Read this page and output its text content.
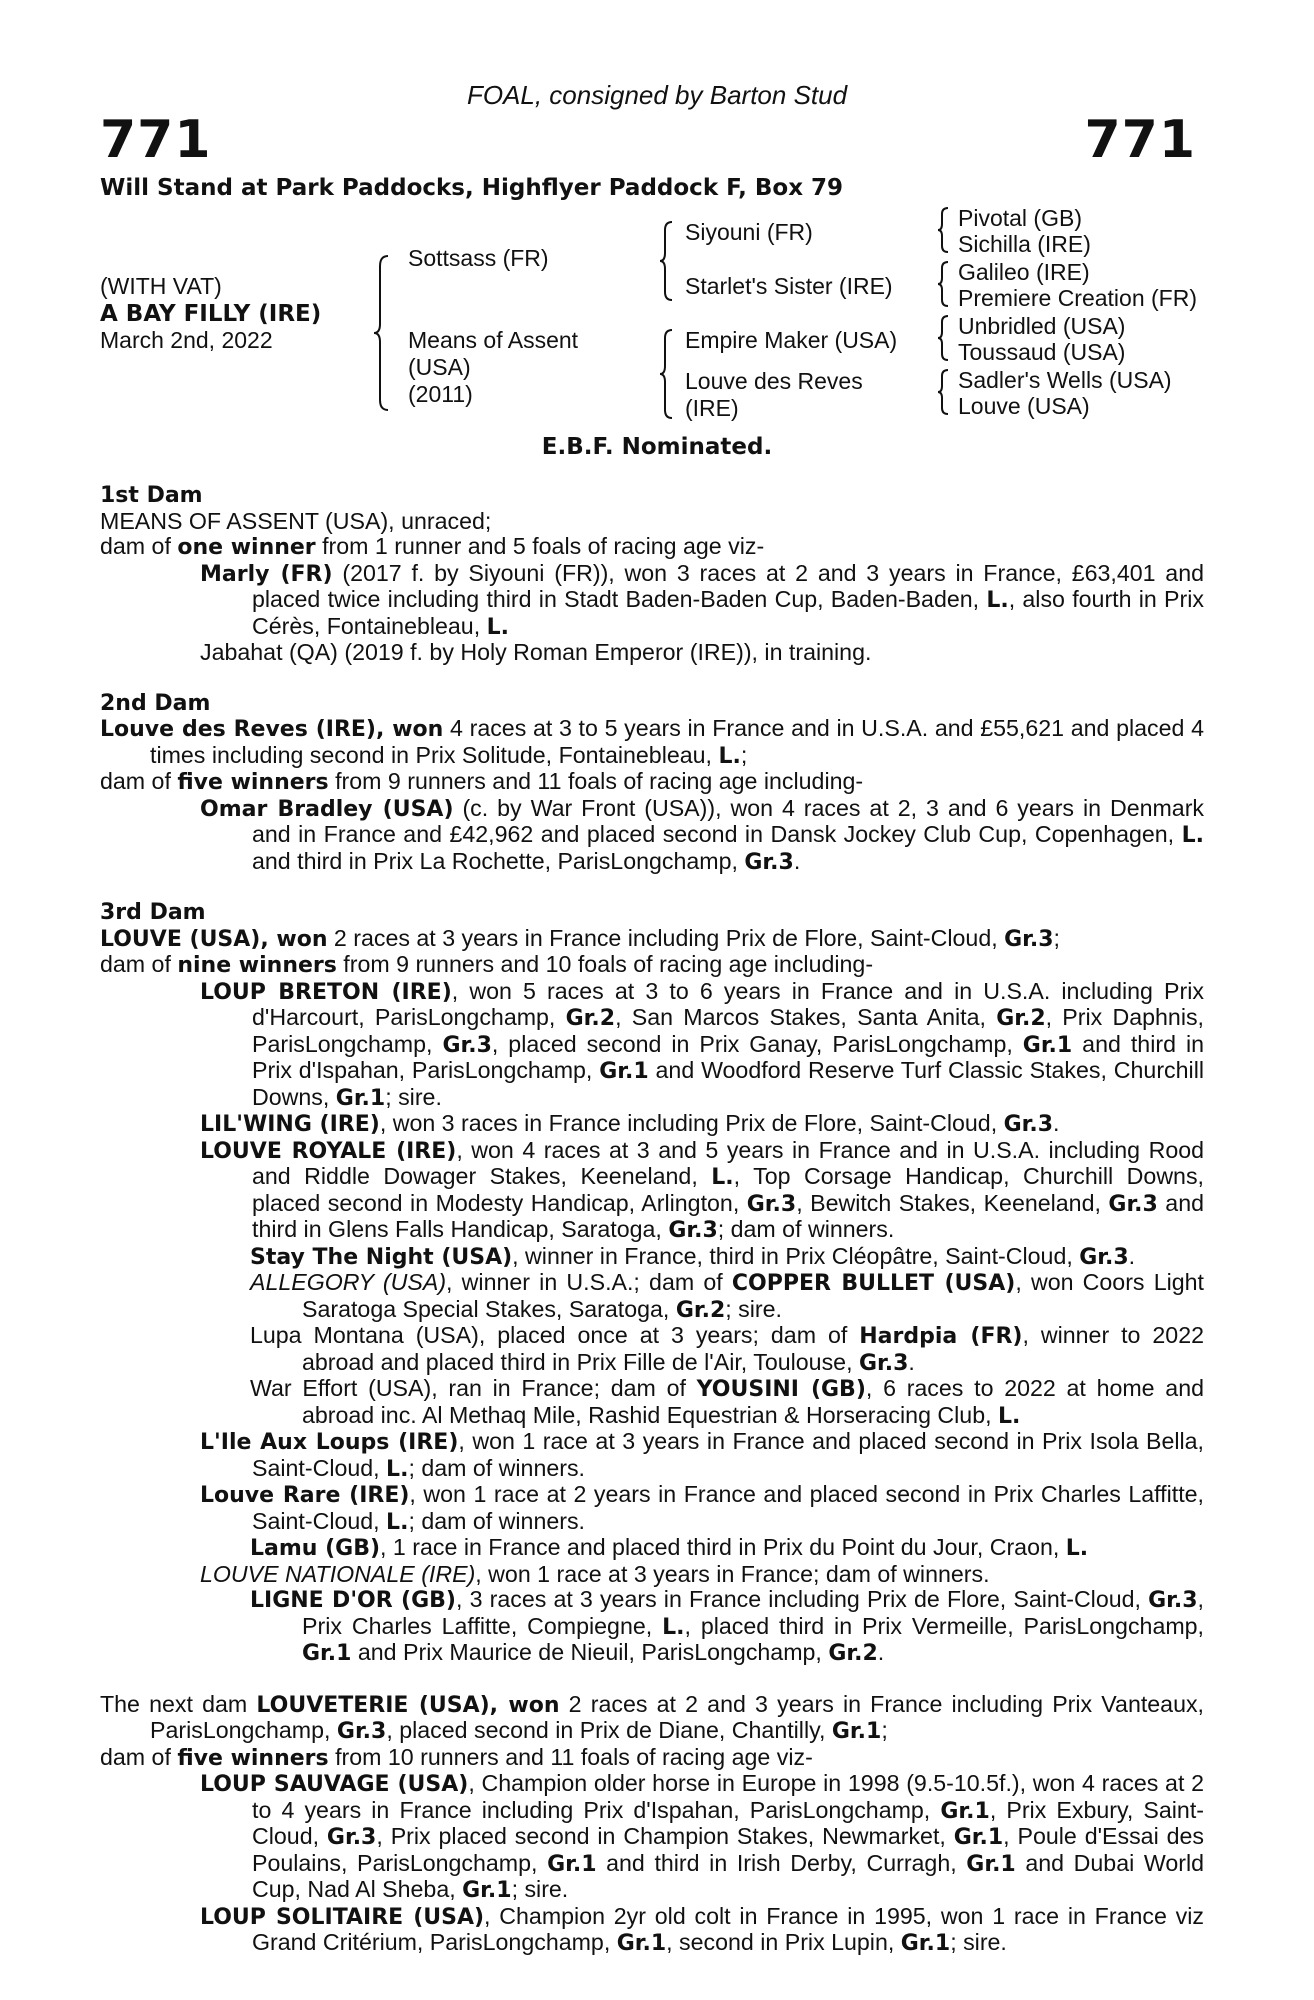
FOAL, consigned by Barton Stud
771	771
Will Stand at Park Paddocks, Highflyer Paddock F, Box 79
(WITH VAT)
A BAY FILLY (IRE)
March 2nd, 2022
Sottsass (FR)
Means of Assent
(USA)
(2011)
Siyouni (FR)
Starlet's Sister (IRE)
Empire Maker (USA)
Louve des Reves
(IRE)
Pivotal (GB)
Sichilla (IRE)
Galileo (IRE)
Premiere Creation (FR)
Unbridled (USA)
Toussaud (USA)
Sadler's Wells (USA)
Louve (USA)
E.B.F. Nominated.
1st Dam
MEANS OF ASSENT (USA), unraced;
dam of one winner from 1 runner and 5 foals of racing age viz-
Marly (FR) (2017 f. by Siyouni (FR)), won 3 races at 2 and 3 years in France, £63,401 and placed twice including third in Stadt Baden-Baden Cup, Baden-Baden, L., also fourth in Prix Cérès, Fontainebleau, L.
Jabahat (QA) (2019 f. by Holy Roman Emperor (IRE)), in training.
2nd Dam
Louve des Reves (IRE), won 4 races at 3 to 5 years in France and in U.S.A. and £55,621 and placed 4 times including second in Prix Solitude, Fontainebleau, L.;
dam of five winners from 9 runners and 11 foals of racing age including-
Omar Bradley (USA) (c. by War Front (USA)), won 4 races at 2, 3 and 6 years in Denmark and in France and £42,962 and placed second in Dansk Jockey Club Cup, Copenhagen, L. and third in Prix La Rochette, ParisLongchamp, Gr.3.
3rd Dam
LOUVE (USA), won 2 races at 3 years in France including Prix de Flore, Saint-Cloud, Gr.3;
dam of nine winners from 9 runners and 10 foals of racing age including-
LOUP BRETON (IRE), won 5 races at 3 to 6 years in France and in U.S.A. including Prix d'Harcourt, ParisLongchamp, Gr.2, San Marcos Stakes, Santa Anita, Gr.2, Prix Daphnis, ParisLongchamp, Gr.3, placed second in Prix Ganay, ParisLongchamp, Gr.1 and third in Prix d'Ispahan, ParisLongchamp, Gr.1 and Woodford Reserve Turf Classic Stakes, Churchill Downs, Gr.1; sire.
LIL'WING (IRE), won 3 races in France including Prix de Flore, Saint-Cloud, Gr.3.
LOUVE ROYALE (IRE), won 4 races at 3 and 5 years in France and in U.S.A. including Rood and Riddle Dowager Stakes, Keeneland, L., Top Corsage Handicap, Churchill Downs, placed second in Modesty Handicap, Arlington, Gr.3, Bewitch Stakes, Keeneland, Gr.3 and third in Glens Falls Handicap, Saratoga, Gr.3; dam of winners.
Stay The Night (USA), winner in France, third in Prix Cléopâtre, Saint-Cloud, Gr.3.
ALLEGORY (USA), winner in U.S.A.; dam of COPPER BULLET (USA), won Coors Light Saratoga Special Stakes, Saratoga, Gr.2; sire.
Lupa Montana (USA), placed once at 3 years; dam of Hardpia (FR), winner to 2022 abroad and placed third in Prix Fille de l'Air, Toulouse, Gr.3.
War Effort (USA), ran in France; dam of YOUSINI (GB), 6 races to 2022 at home and abroad inc. Al Methaq Mile, Rashid Equestrian & Horseracing Club, L.
L'Ile Aux Loups (IRE), won 1 race at 3 years in France and placed second in Prix Isola Bella, Saint-Cloud, L.; dam of winners.
Louve Rare (IRE), won 1 race at 2 years in France and placed second in Prix Charles Laffitte, Saint-Cloud, L.; dam of winners.
Lamu (GB), 1 race in France and placed third in Prix du Point du Jour, Craon, L.
LOUVE NATIONALE (IRE), won 1 race at 3 years in France; dam of winners.
LIGNE D'OR (GB), 3 races at 3 years in France including Prix de Flore, Saint-Cloud, Gr.3, Prix Charles Laffitte, Compiegne, L., placed third in Prix Vermeille, ParisLongchamp, Gr.1 and Prix Maurice de Nieuil, ParisLongchamp, Gr.2.
The next dam LOUVETERIE (USA), won 2 races at 2 and 3 years in France including Prix Vanteaux, ParisLongchamp, Gr.3, placed second in Prix de Diane, Chantilly, Gr.1;
dam of five winners from 10 runners and 11 foals of racing age viz-
LOUP SAUVAGE (USA), Champion older horse in Europe in 1998 (9.5-10.5f.), won 4 races at 2 to 4 years in France including Prix d'Ispahan, ParisLongchamp, Gr.1, Prix Exbury, Saint-Cloud, Gr.3, Prix placed second in Champion Stakes, Newmarket, Gr.1, Poule d'Essai des Poulains, ParisLongchamp, Gr.1 and third in Irish Derby, Curragh, Gr.1 and Dubai World Cup, Nad Al Sheba, Gr.1; sire.
LOUP SOLITAIRE (USA), Champion 2yr old colt in France in 1995, won 1 race in France viz Grand Critérium, ParisLongchamp, Gr.1, second in Prix Lupin, Gr.1; sire.
